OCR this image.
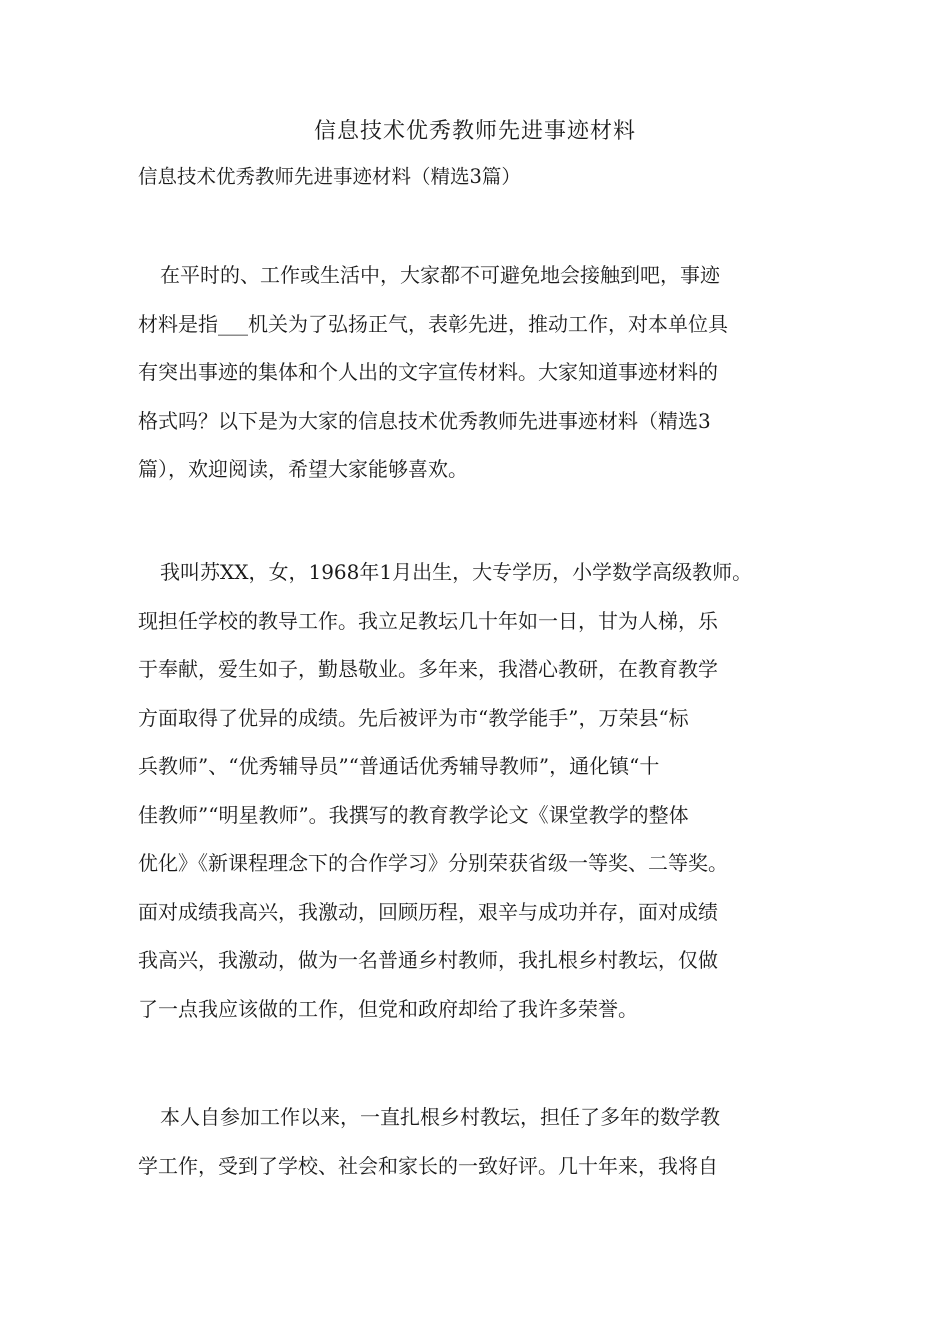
信息技术优秀教师先进事迹材料
信息技术优秀教师先进事迹材料（精选3篇）
在平时的、工作或生活中，大家都不可避免地会接触到吧，事迹
材料是指___机关为了弘扬正气，表彰先进，推动工作，对本单位具
有突出事迹的集体和个人出的文字宣传材料。大家知道事迹材料的
格式吗？以下是为大家的信息技术优秀教师先进事迹材料（精选3
篇），欢迎阅读，希望大家能够喜欢。
我叫苏XX，女，1968年1月出生，大专学历，小学数学高级教师。
现担任学校的教导工作。我立足教坛几十年如一日，甘为人梯，乐
于奉献，爱生如子，勤恳敬业。多年来，我潜心教研，在教育教学
方面取得了优异的成绩。先后被评为市“教学能手”，万荣县“标
兵教师”、“优秀辅导员”“普通话优秀辅导教师”，通化镇“十
佳教师”“明星教师”。我撰写的教育教学论文《课堂教学的整体
优化》《新课程理念下的合作学习》分别荣获省级一等奖、二等奖。
面对成绩我高兴，我激动，回顾历程，艰辛与成功并存，面对成绩
我高兴，我激动，做为一名普通乡村教师，我扎根乡村教坛，仅做
了一点我应该做的工作，但党和政府却给了我许多荣誉。
本人自参加工作以来，一直扎根乡村教坛，担任了多年的数学教
学工作，受到了学校、社会和家长的一致好评。几十年来，我将自
